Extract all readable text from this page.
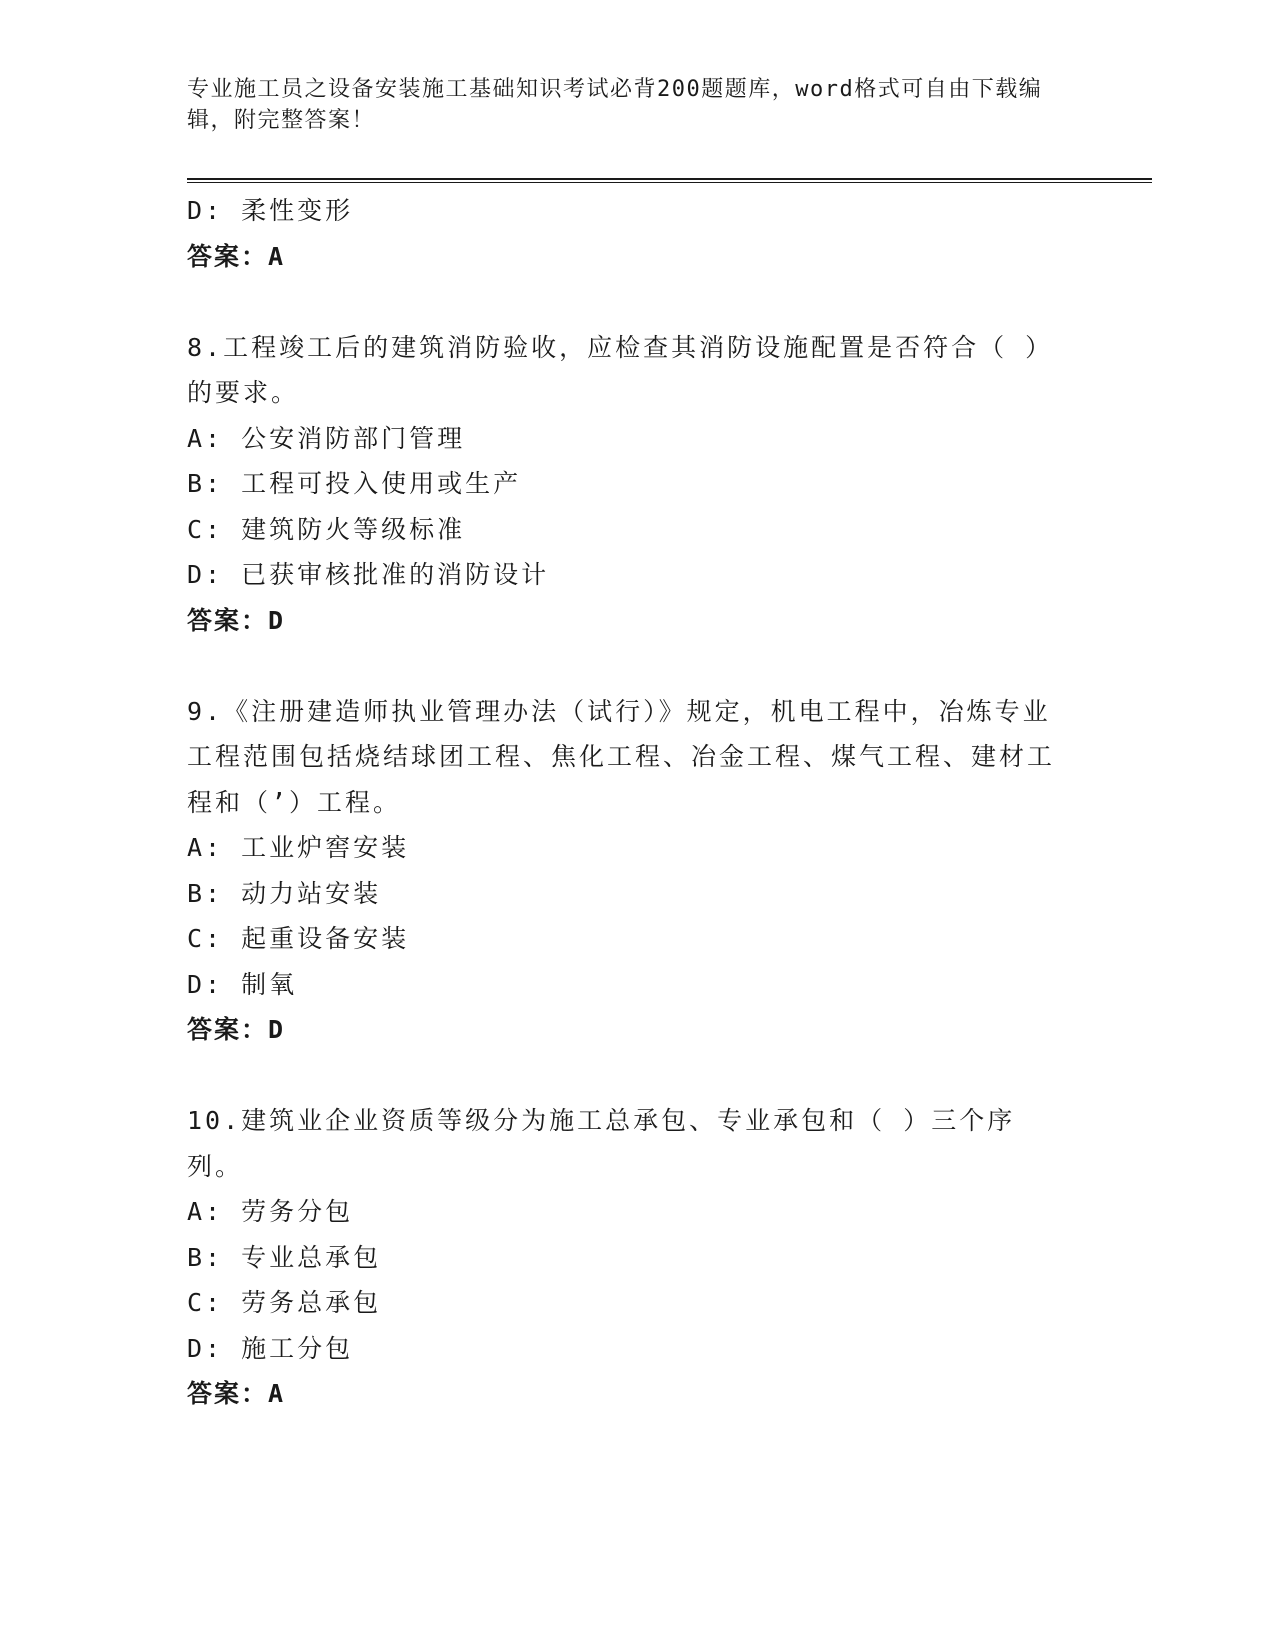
专业施工员之设备安装施工基础知识考试必背200题题库，word格式可自由下载编辑，附完整答案！
D: 柔性变形
答案：A
8.工程竣工后的建筑消防验收，应检查其消防设施配置是否符合（ ）的要求。
A: 公安消防部门管理
B: 工程可投入使用或生产
C: 建筑防火等级标准
D: 已获审核批准的消防设计
答案：D
9.《注册建造师执业管理办法（试行）》规定，机电工程中，冶炼专业工程范围包括烧结球团工程、焦化工程、冶金工程、煤气工程、建材工程和（’）工程。
A: 工业炉窖安装
B: 动力站安装
C: 起重设备安装
D: 制氧
答案：D
10.建筑业企业资质等级分为施工总承包、专业承包和（ ）三个序列。
A: 劳务分包
B: 专业总承包
C: 劳务总承包
D: 施工分包
答案：A
